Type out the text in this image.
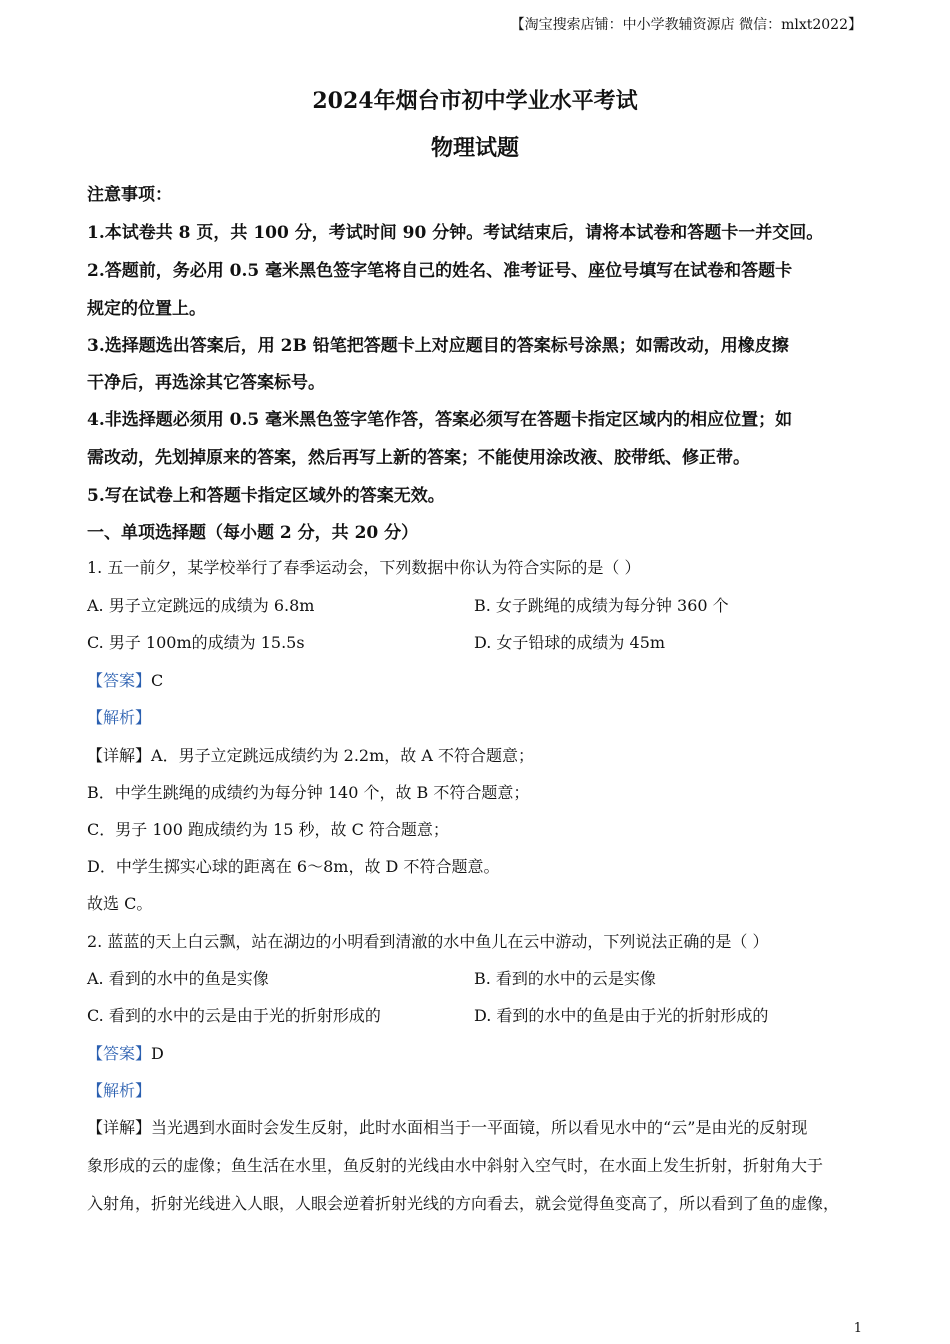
【淘宝搜索店铺：中小学教辅资源店 微信：mlxt2022】
2024年烟台市初中学业水平考试
物理试题
注意事项：
1.本试卷共 8 页，共 100 分，考试时间 90 分钟。考试结束后，请将本试卷和答题卡一并交回。
2.答题前，务必用 0.5 毫米黑色签字笔将自己的姓名、准考证号、座位号填写在试卷和答题卡
规定的位置上。
3.选择题选出答案后，用 2B 铅笔把答题卡上对应题目的答案标号涂黑；如需改动，用橡皮擦
干净后，再选涂其它答案标号。
4.非选择题必须用 0.5 毫米黑色签字笔作答，答案必须写在答题卡指定区域内的相应位置；如
需改动，先划掉原来的答案，然后再写上新的答案；不能使用涂改液、胶带纸、修正带。
5.写在试卷上和答题卡指定区域外的答案无效。
一、单项选择题（每小题 2 分，共 20 分）
1. 五一前夕，某学校举行了春季运动会，下列数据中你认为符合实际的是（ ）
A. 男子立定跳远的成绩为 6.8m	B. 女子跳绳的成绩为每分钟 360 个
C. 男子 100m的成绩为 15.5s	D. 女子铅球的成绩为 45m
【答案】C
【解析】
【详解】A．男子立定跳远成绩约为 2.2m，故 A 不符合题意；
B．中学生跳绳的成绩约为每分钟 140 个，故 B 不符合题意；
C．男子 100 跑成绩约为 15 秒，故 C 符合题意；
D．中学生掷实心球的距离在 6～8m，故 D 不符合题意。
故选 C。
2. 蓝蓝的天上白云飘，站在湖边的小明看到清澈的水中鱼儿在云中游动，下列说法正确的是（ ）
A. 看到的水中的鱼是实像	B. 看到的水中的云是实像
C. 看到的水中的云是由于光的折射形成的	D. 看到的水中的鱼是由于光的折射形成的
【答案】D
【解析】
【详解】当光遇到水面时会发生反射，此时水面相当于一平面镜，所以看见水中的“云”是由光的反射现
象形成的云的虚像；鱼生活在水里，鱼反射的光线由水中斜射入空气时，在水面上发生折射，折射角大于
入射角，折射光线进入人眼，人眼会逆着折射光线的方向看去，就会觉得鱼变高了，所以看到了鱼的虚像，
1
